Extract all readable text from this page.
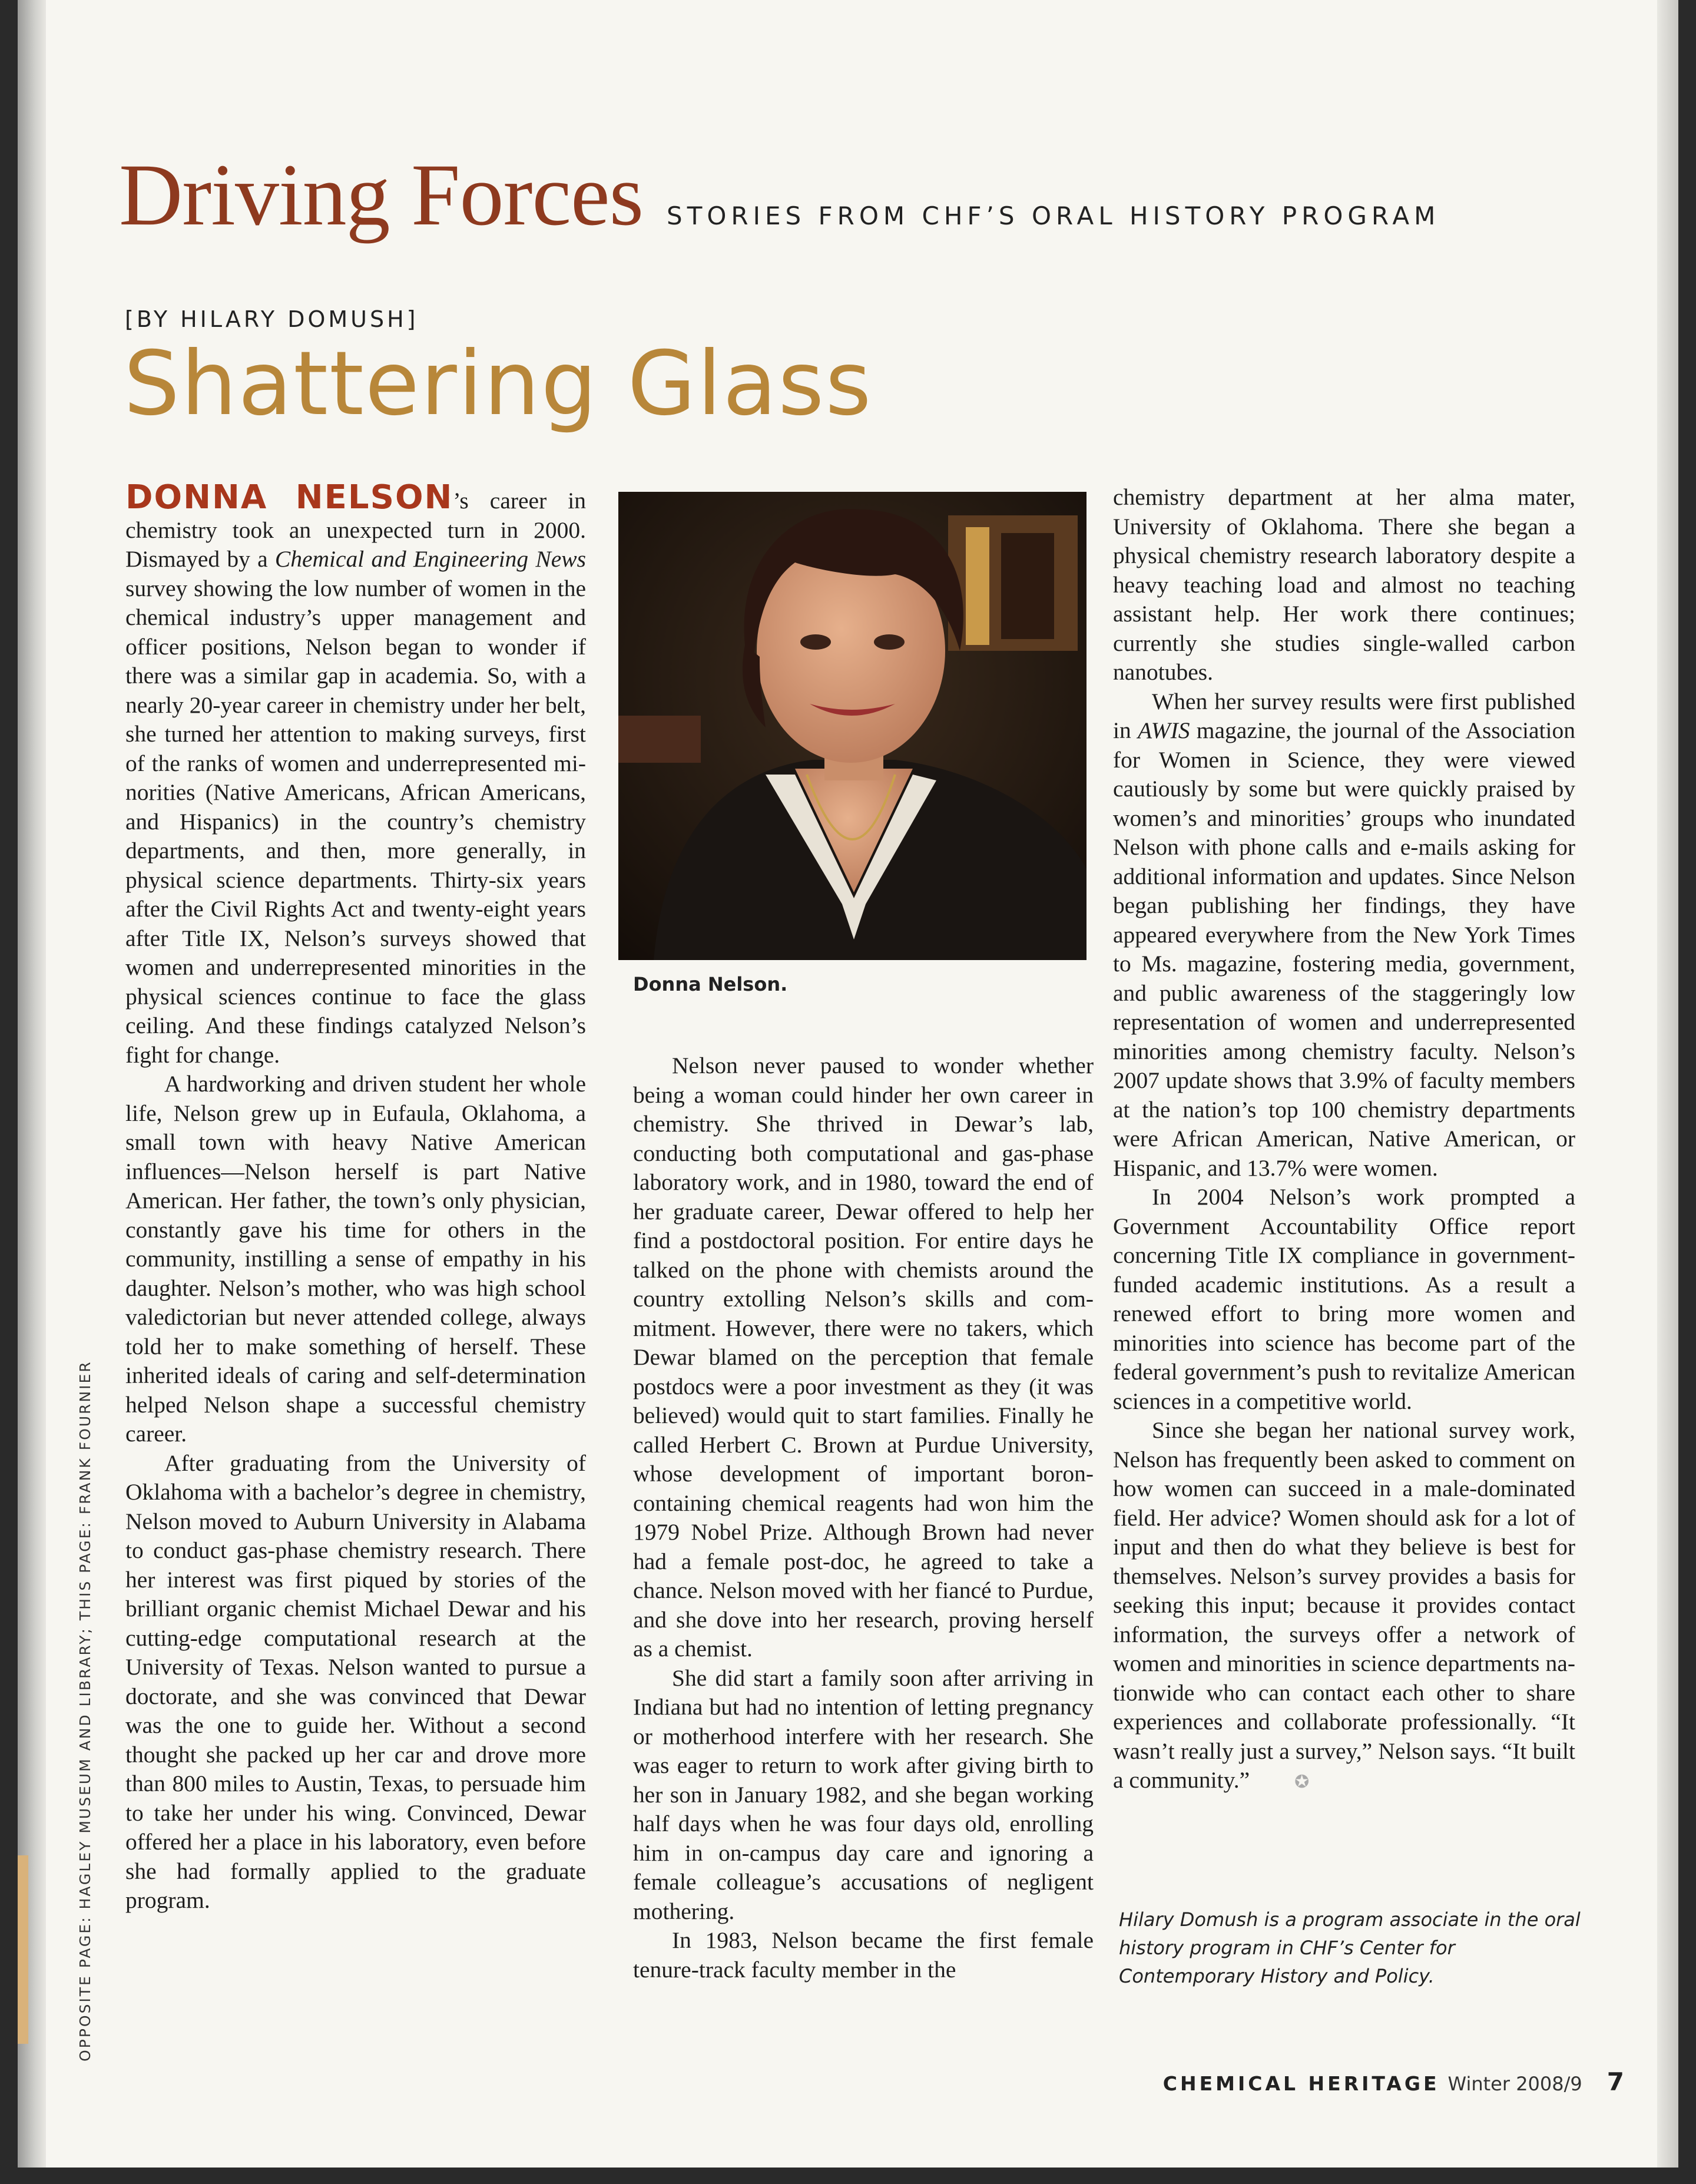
Driving Forces STORIES FROM CHF’S ORAL HISTORY PROGRAM
[BY HILARY DOMUSH]
Shattering Glass

DONNA NELSON’s career in chemistry took an unexpected turn in 2000. Dismayed by a Chemical and Engineering News survey showing the low number of women in the chemical industry’s upper management and officer positions, Nelson began to wonder if there was a similar gap in academia. So, with a nearly 20-year career in chemistry under her belt, she turned her attention to making surveys, first of the ranks of women and underrepresented minorities (Native Americans, African Americans, and Hispanics) in the country’s chemistry departments, and then, more generally, in physical science departments. Thirty-six years after the Civil Rights Act and twenty-eight years after Title IX, Nelson’s surveys showed that women and underrepresented minorities in the physical sciences continue to face the glass ceiling. And these findings catalyzed Nelson’s fight for change.

A hardworking and driven student her whole life, Nelson grew up in Eufaula, Oklahoma, a small town with heavy Native American influences—Nelson herself is part Native American. Her father, the town’s only physician, constantly gave his time for others in the community, instilling a sense of empathy in his daughter. Nelson’s mother, who was high school valedictorian but never attended college, always told her to make something of herself. These inherited ideals of caring and self-determination helped Nelson shape a successful chemistry career.

After graduating from the University of Oklahoma with a bachelor’s degree in chemistry, Nelson moved to Auburn University in Alabama to conduct gas-phase chemistry research. There her interest was first piqued by stories of the brilliant organic chemist Michael Dewar and his cutting-edge computational research at the University of Texas. Nelson wanted to pursue a doctorate, and she was convinced that Dewar was the one to guide her. Without a second thought she packed up her car and drove more than 800 miles to Austin, Texas, to persuade him to take her under his wing. Convinced, Dewar offered her a place in his laboratory, even before she had formally applied to the graduate program.

Donna Nelson.

Nelson never paused to wonder whether being a woman could hinder her own career in chemistry. She thrived in Dewar’s lab, conducting both computational and gas-phase laboratory work, and in 1980, toward the end of her graduate career, Dewar offered to help her find a postdoctoral position. For entire days he talked on the phone with chemists around the country extolling Nelson’s skills and commitment. However, there were no takers, which Dewar blamed on the perception that female postdocs were a poor investment as they (it was believed) would quit to start families. Finally he called Herbert C. Brown at Purdue University, whose development of important boron-containing chemical reagents had won him the 1979 Nobel Prize. Although Brown had never had a female post-doc, he agreed to take a chance. Nelson moved with her fiancé to Purdue, and she dove into her research, proving herself as a chemist.

She did start a family soon after arriving in Indiana but had no intention of letting pregnancy or motherhood interfere with her research. She was eager to return to work after giving birth to her son in January 1982, and she began working half days when he was four days old, enrolling him in on-campus day care and ignoring a female colleague’s accusations of negligent mothering.

In 1983, Nelson became the first female tenure-track faculty member in the

chemistry department at her alma mater, University of Oklahoma. There she began a physical chemistry research laboratory despite a heavy teaching load and almost no teaching assistant help. Her work there continues; currently she studies single-walled carbon nanotubes.

When her survey results were first published in AWIS magazine, the journal of the Association for Women in Science, they were viewed cautiously by some but were quickly praised by women’s and minorities’ groups who inundated Nelson with phone calls and e-mails asking for additional information and updates. Since Nelson began publishing her findings, they have appeared everywhere from the New York Times to Ms. magazine, fostering media, government, and public awareness of the staggeringly low representation of women and underrepresented minorities among chemistry faculty. Nelson’s 2007 update shows that 3.9% of faculty members at the nation’s top 100 chemistry departments were African American, Native American, or Hispanic, and 13.7% were women.

In 2004 Nelson’s work prompted a Government Accountability Office report concerning Title IX compliance in government-funded academic institutions. As a result a renewed effort to bring more women and minorities into science has become part of the federal government’s push to revitalize American sciences in a competitive world.

Since she began her national survey work, Nelson has frequently been asked to comment on how women can succeed in a male-dominated field. Her advice? Women should ask for a lot of input and then do what they believe is best for themselves. Nelson’s survey provides a basis for seeking this input; because it provides contact information, the surveys offer a network of women and minorities in science departments nationwide who can contact each other to share experiences and collaborate professionally. “It wasn’t really just a survey,” Nelson says. “It built a community.”	✪

Hilary Domush is a program associate in the oral history program in CHF’s Center for Contemporary History and Policy.
OPPOSITE PAGE: HAGLEY MUSEUM AND LIBRARY; THIS PAGE: FRANK FOURNIER
CHEMICAL HERITAGE Winter 2008/9 7
